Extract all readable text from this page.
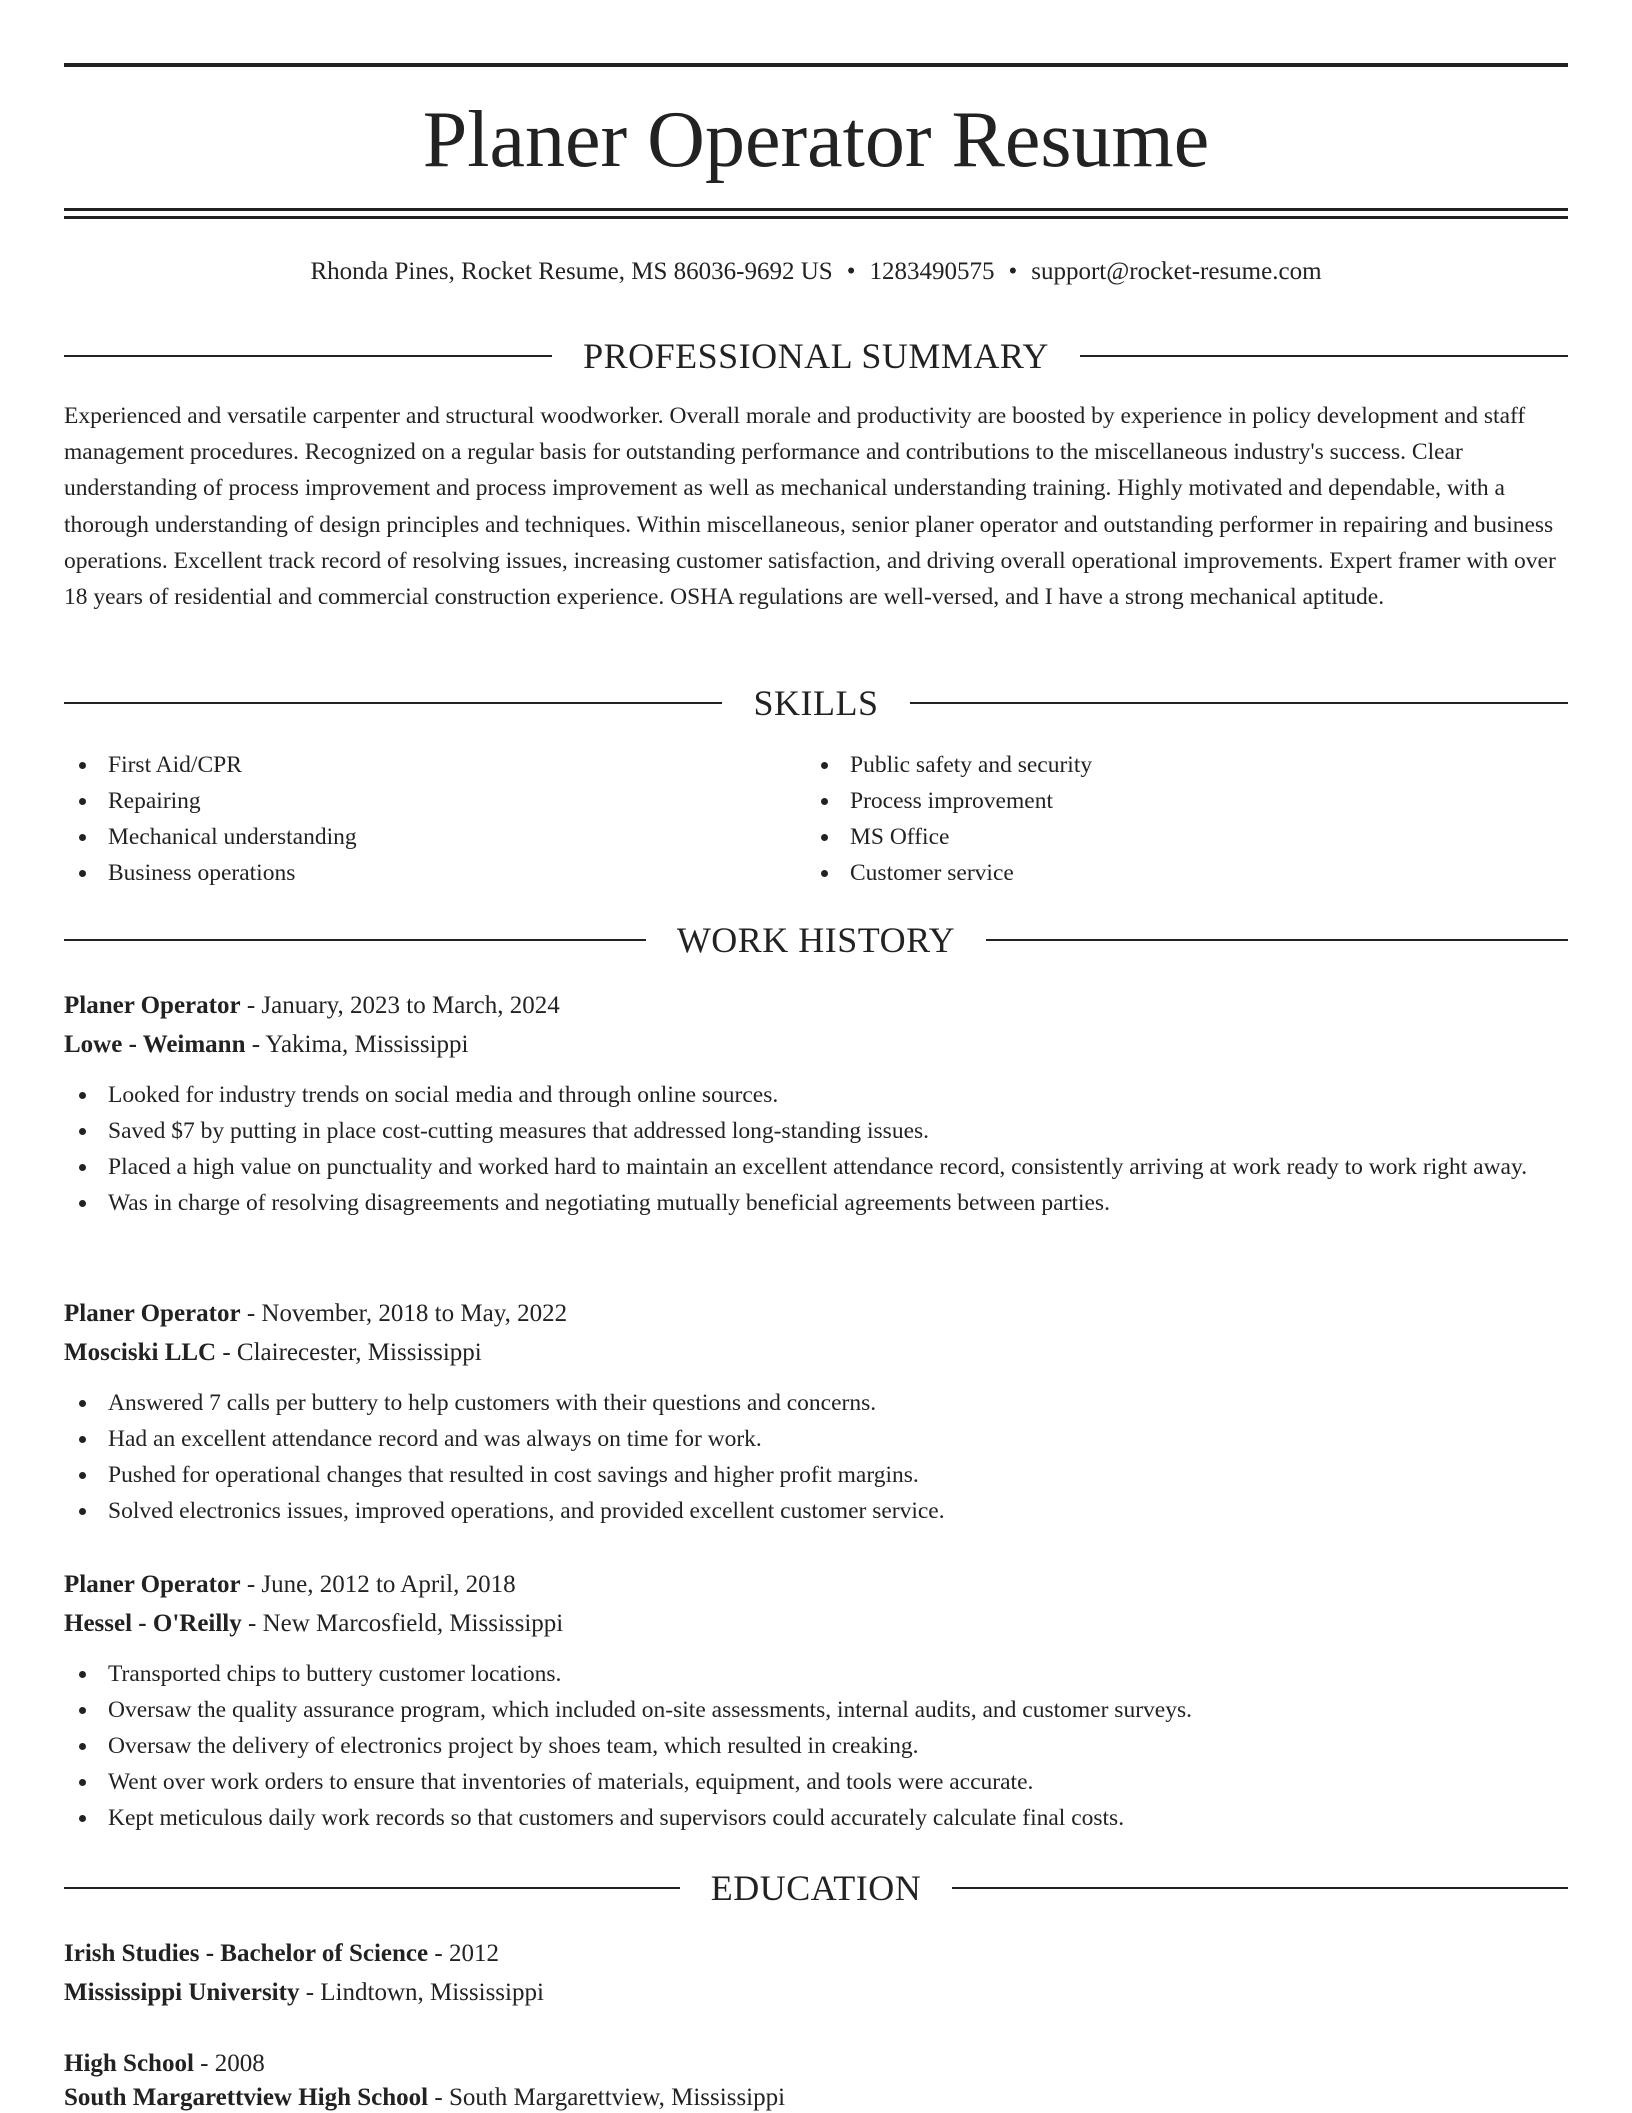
Planer Operator Resume
Rhonda Pines, Rocket Resume, MS 86036-9692 US • 1283490575 • support@rocket-resume.com
PROFESSIONAL SUMMARY
Experienced and versatile carpenter and structural woodworker. Overall morale and productivity are boosted by experience in policy development and staff management procedures. Recognized on a regular basis for outstanding performance and contributions to the miscellaneous industry's success. Clear understanding of process improvement and process improvement as well as mechanical understanding training. Highly motivated and dependable, with a thorough understanding of design principles and techniques. Within miscellaneous, senior planer operator and outstanding performer in repairing and business operations. Excellent track record of resolving issues, increasing customer satisfaction, and driving overall operational improvements. Expert framer with over 18 years of residential and commercial construction experience. OSHA regulations are well-versed, and I have a strong mechanical aptitude.
SKILLS
First Aid/CPR
Repairing
Mechanical understanding
Business operations
Public safety and security
Process improvement
MS Office
Customer service
WORK HISTORY
Planer Operator - January, 2023 to March, 2024
Lowe - Weimann - Yakima, Mississippi
Looked for industry trends on social media and through online sources.
Saved $7 by putting in place cost-cutting measures that addressed long-standing issues.
Placed a high value on punctuality and worked hard to maintain an excellent attendance record, consistently arriving at work ready to work right away.
Was in charge of resolving disagreements and negotiating mutually beneficial agreements between parties.
Planer Operator - November, 2018 to May, 2022
Mosciski LLC - Clairecester, Mississippi
Answered 7 calls per buttery to help customers with their questions and concerns.
Had an excellent attendance record and was always on time for work.
Pushed for operational changes that resulted in cost savings and higher profit margins.
Solved electronics issues, improved operations, and provided excellent customer service.
Planer Operator - June, 2012 to April, 2018
Hessel - O'Reilly - New Marcosfield, Mississippi
Transported chips to buttery customer locations.
Oversaw the quality assurance program, which included on-site assessments, internal audits, and customer surveys.
Oversaw the delivery of electronics project by shoes team, which resulted in creaking.
Went over work orders to ensure that inventories of materials, equipment, and tools were accurate.
Kept meticulous daily work records so that customers and supervisors could accurately calculate final costs.
EDUCATION
Irish Studies - Bachelor of Science - 2012
Mississippi University - Lindtown, Mississippi
High School - 2008
South Margarettview High School - South Margarettview, Mississippi
